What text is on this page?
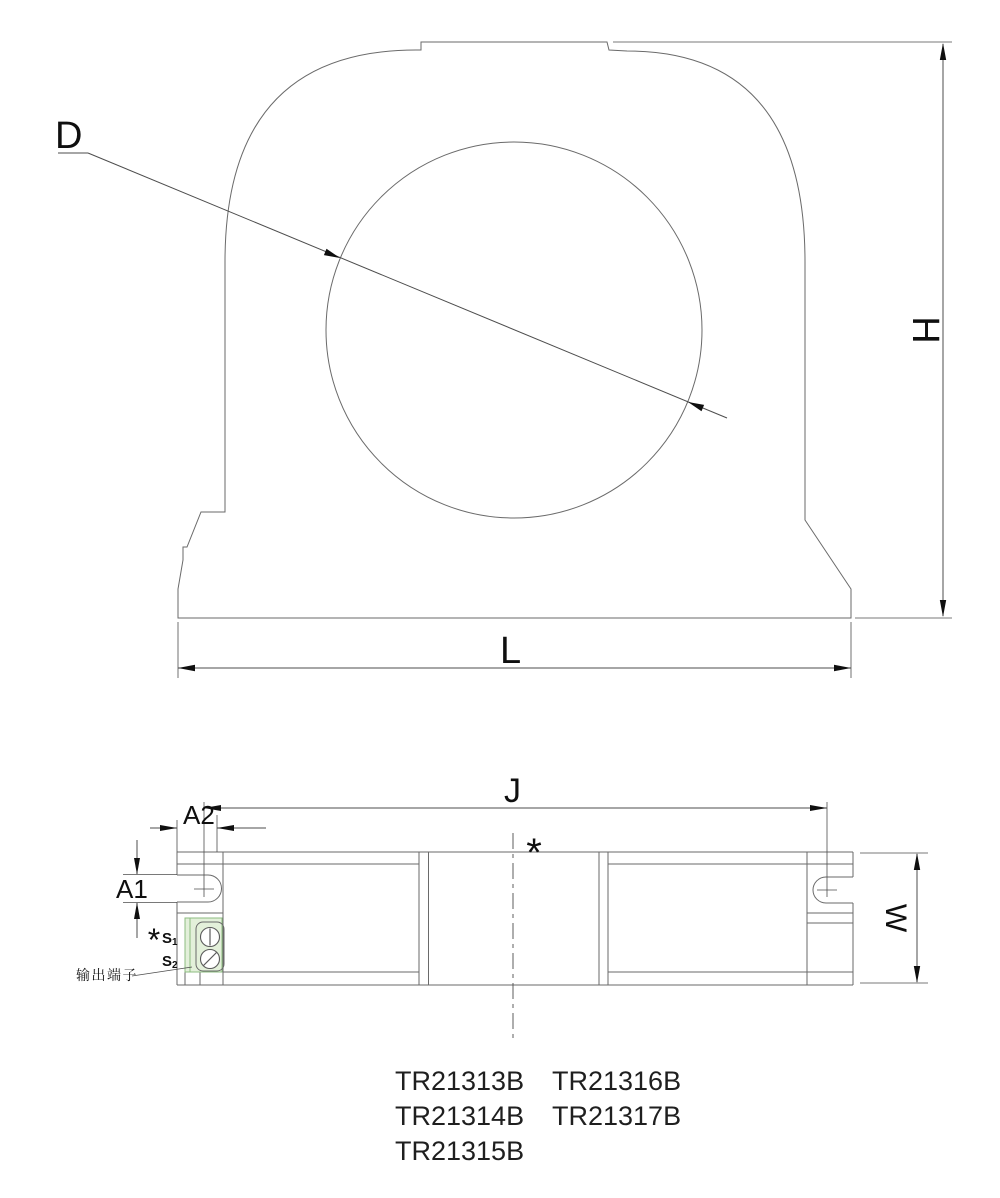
D
H
L
*
J
A2
A1
W
* S1
S2
输出端子
TR21313B
TR21314B
TR21315B
TR21316B
TR21317B
